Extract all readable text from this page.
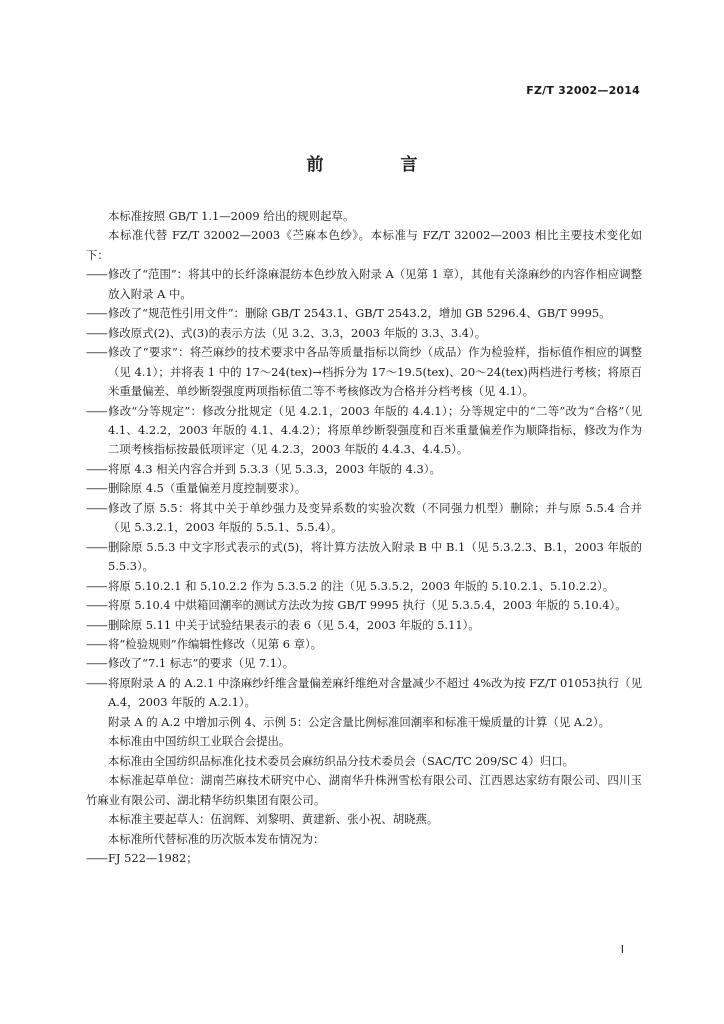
FZ/T 32002—2014
前　言

本标准按照 GB/T 1.1—2009 给出的规则起草。

本标准代替 FZ/T 32002—2003《苎麻本色纱》。本标准与 FZ/T 32002—2003 相比主要技术变化如下：

—— 修改了“范围”：将其中的长纤涤麻混纺本色纱放入附录 A（见第 1 章），其他有关涤麻纱的内容作相应调整放入附录 A 中。

—— 修改了“规范性引用文件”：删除 GB/T 2543.1、GB/T 2543.2，增加 GB 5296.4、GB/T 9995。

—— 修改原式(2)、式(3)的表示方法（见 3.2、3.3，2003 年版的 3.3、3.4）。

—— 修改了“要求”：将苎麻纱的技术要求中各品等质量指标以筒纱（成品）作为检验样，指标值作相应的调整（见 4.1）；并将表 1 中的 17～24(tex)→档拆分为 17～19.5(tex)、20～24(tex)两档进行考核；将原百米重量偏差、单纱断裂强度两项指标值二等不考核修改为合格并分档考核（见 4.1）。

—— 修改“分等规定”：修改分批规定（见 4.2.1，2003 年版的 4.4.1）；分等规定中的“二等”改为“合格”（见 4.1、4.2.2，2003 年版的 4.1、4.4.2）；将原单纱断裂强度和百米重量偏差作为顺降指标，修改为作为二项考核指标按最低项评定（见 4.2.3，2003 年版的 4.4.3、4.4.5）。

—— 将原 4.3 相关内容合并到 5.3.3（见 5.3.3，2003 年版的 4.3）。

—— 删除原 4.5（重量偏差月度控制要求）。

—— 修改了原 5.5：将其中关于单纱强力及变异系数的实验次数（不同强力机型）删除；并与原 5.5.4 合并（见 5.3.2.1，2003 年版的 5.5.1、5.5.4）。

—— 删除原 5.5.3 中文字形式表示的式(5)，将计算方法放入附录 B 中 B.1（见 5.3.2.3、B.1，2003 年版的 5.5.3）。

—— 将原 5.10.2.1 和 5.10.2.2 作为 5.3.5.2 的注（见 5.3.5.2，2003 年版的 5.10.2.1、5.10.2.2）。

—— 将原 5.10.4 中烘箱回潮率的测试方法改为按 GB/T 9995 执行（见 5.3.5.4，2003 年版的 5.10.4）。

—— 删除原 5.11 中关于试验结果表示的表 6（见 5.4，2003 年版的 5.11）。

—— 将“检验规则”作编辑性修改（见第 6 章）。

—— 修改了“7.1 标志”的要求（见 7.1）。

—— 将原附录 A 的 A.2.1 中涤麻纱纤维含量偏差麻纤维绝对含量减少不超过 4%改为按 FZ/T 01053执行（见 A.4，2003 年版的 A.2.1）。

附录 A 的 A.2 中增加示例 4、示例 5：公定含量比例标准回潮率和标准干燥质量的计算（见 A.2）。

本标准由中国纺织工业联合会提出。

本标准由全国纺织品标准化技术委员会麻纺织品分技术委员会（SAC/TC 209/SC 4）归口。

本标准起草单位：湖南苎麻技术研究中心、湖南华升株洲雪松有限公司、江西恩达家纺有限公司、四川玉竹麻业有限公司、湖北精华纺织集团有限公司。

本标准主要起草人：伍润辉、刘黎明、黄建新、张小祝、胡晓燕。

本标准所代替标准的历次版本发布情况为：

—— FJ 522—1982；

I
